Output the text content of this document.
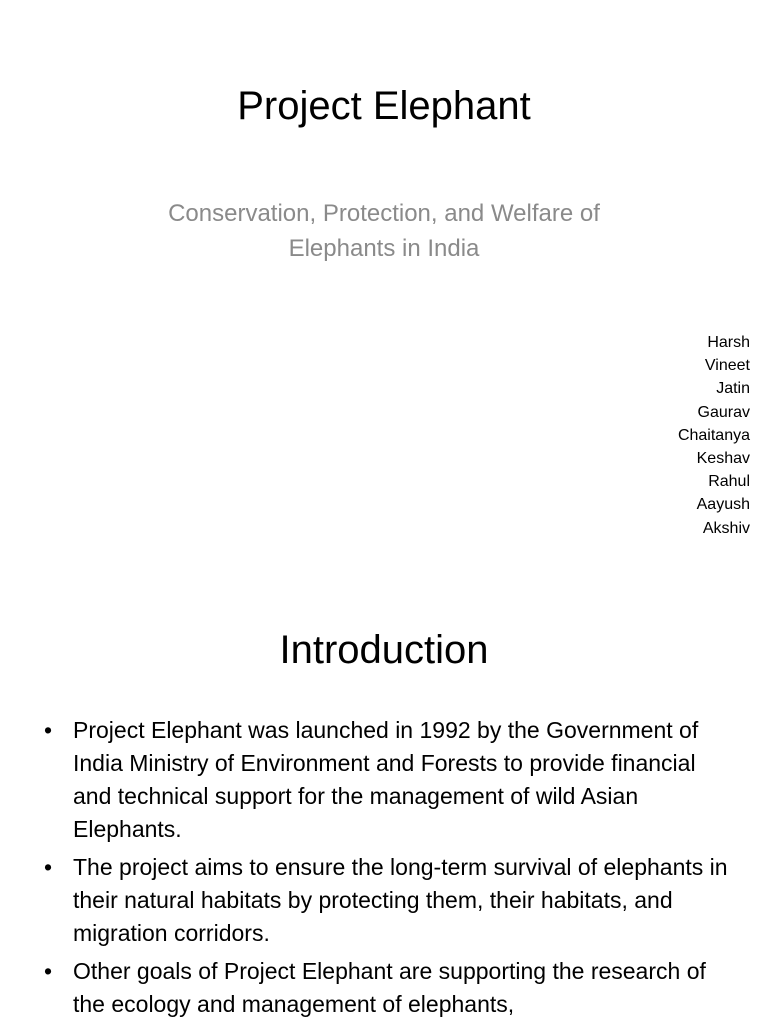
Project Elephant

Conservation, Protection, and Welfare of Elephants in India

Harsh
Vineet
Jatin
Gaurav
Chaitanya
Keshav
Rahul
Aayush
Akshiv
Introduction
• Project Elephant was launched in 1992 by the Government of India Ministry of Environment and Forests to provide financial and technical support for the management of wild Asian Elephants.
• The project aims to ensure the long-term survival of elephants in their natural habitats by protecting them, their habitats, and migration corridors.
• Other goals of Project Elephant are supporting the research of the ecology and management of elephants,
